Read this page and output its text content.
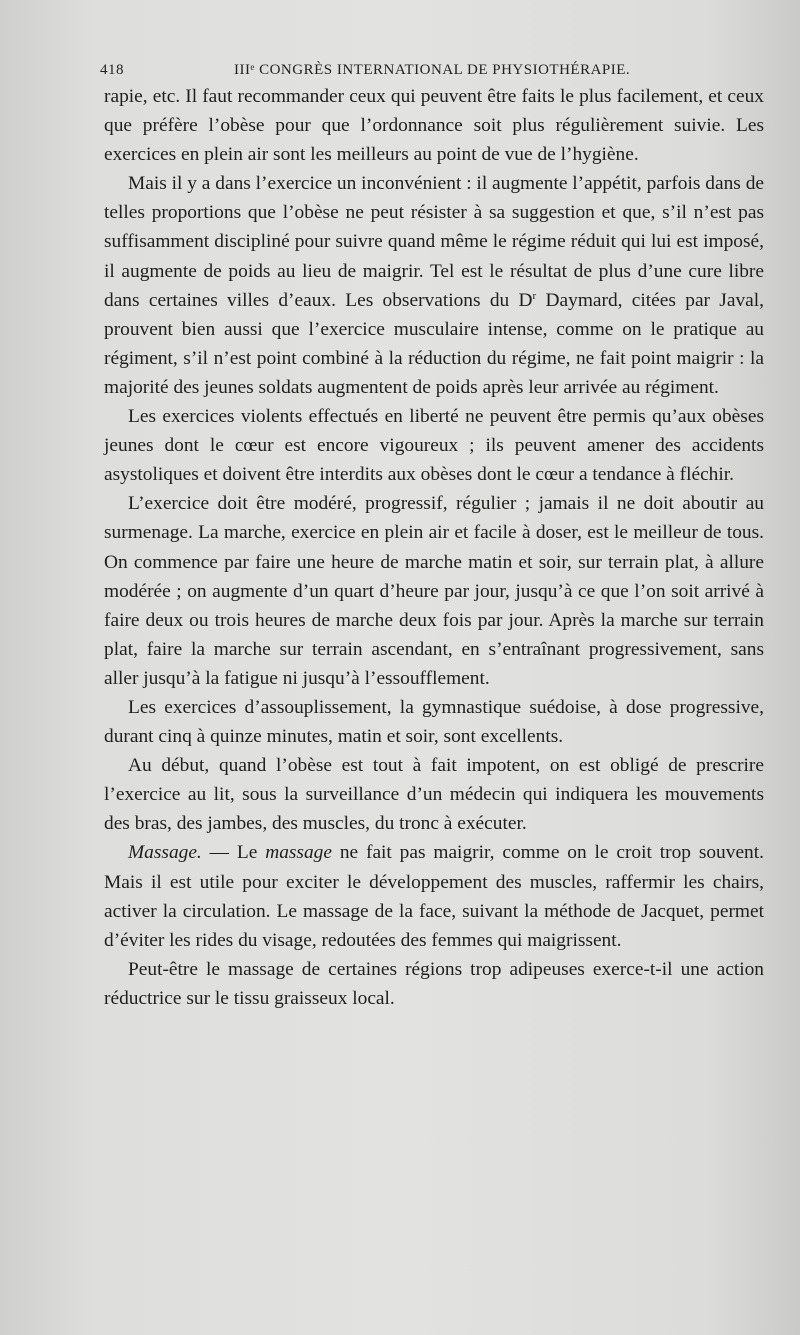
418	IIIᵉ CONGRÈS INTERNATIONAL DE PHYSIOTHÉRAPIE.

rapie, etc. Il faut recommander ceux qui peuvent être faits le plus facilement, et ceux que préfère l’obèse pour que l’ordonnance soit plus régulièrement suivie. Les exercices en plein air sont les meilleurs au point de vue de l’hygiène.

Mais il y a dans l’exercice un inconvénient : il augmente l’appétit, parfois dans de telles proportions que l’obèse ne peut résister à sa suggestion et que, s’il n’est pas suffisamment discipliné pour suivre quand même le régime réduit qui lui est imposé, il augmente de poids au lieu de maigrir. Tel est le résultat de plus d’une cure libre dans certaines villes d’eaux. Les observations du $D^r$ Daymard, citées par Javal, prouvent bien aussi que l’exercice musculaire intense, comme on le pratique au régiment, s’il n’est point combiné à la réduction du régime, ne fait point maigrir : la majorité des jeunes soldats augmentent de poids après leur arrivée au régiment.

Les exercices violents effectués en liberté ne peuvent être permis qu’aux obèses jeunes dont le cœur est encore vigoureux ; ils peuvent amener des accidents asystoliques et doivent être interdits aux obèses dont le cœur a tendance à fléchir.

L’exercice doit être modéré, progressif, régulier ; jamais il ne doit aboutir au surmenage. La marche, exercice en plein air et facile à doser, est le meilleur de tous. On commence par faire une heure de marche matin et soir, sur terrain plat, à allure modérée ; on augmente d’un quart d’heure par jour, jusqu’à ce que l’on soit arrivé à faire deux ou trois heures de marche deux fois par jour. Après la marche sur terrain plat, faire la marche sur terrain ascendant, en s’entraînant progressivement, sans aller jusqu’à la fatigue ni jusqu’à l’essoufflement.

Les exercices d’assouplissement, la gymnastique suédoise, à dose progressive, durant cinq à quinze minutes, matin et soir, sont excellents.

Au début, quand l’obèse est tout à fait impotent, on est obligé de prescrire l’exercice au lit, sous la surveillance d’un médecin qui indiquera les mouvements des bras, des jambes, des muscles, du tronc à exécuter.

Massage. — Le massage ne fait pas maigrir, comme on le croit trop souvent. Mais il est utile pour exciter le développement des muscles, raffermir les chairs, activer la circulation. Le massage de la face, suivant la méthode de Jacquet, permet d’éviter les rides du visage, redoutées des femmes qui maigrissent.

Peut-être le massage de certaines régions trop adipeuses exerce-t-il une action réductrice sur le tissu graisseux local.
